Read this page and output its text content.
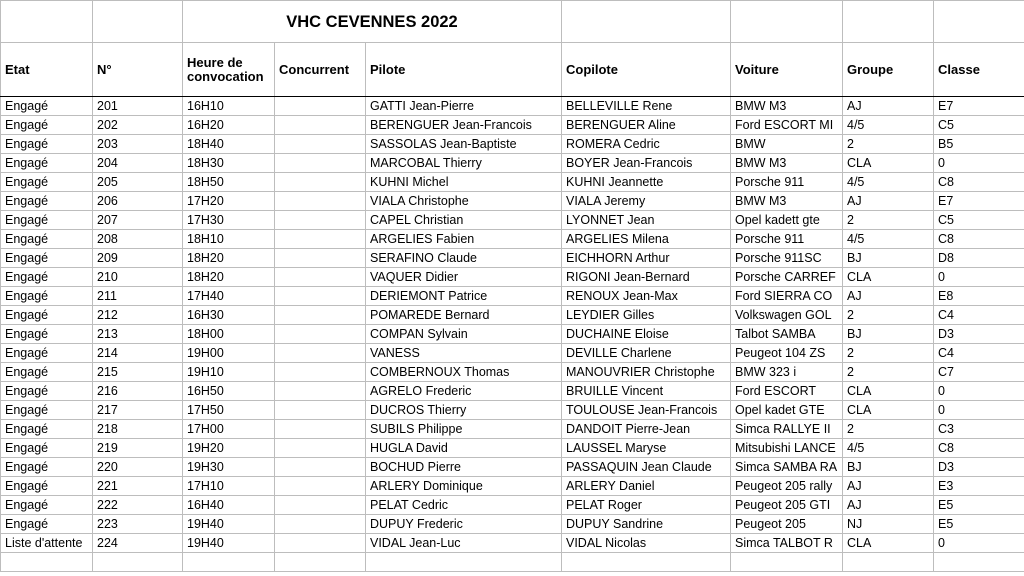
		VHC CEVENNES 2022						
Etat	N°	Heure de convocation	Concurrent	Pilote	Copilote	Voiture	Groupe	Classe
Engagé	201	16H10		GATTI Jean-Pierre	BELLEVILLE Rene	BMW M3	AJ	E7
Engagé	202	16H20		BERENGUER Jean-Francois	BERENGUER Aline	Ford ESCORT MI	4/5	C5
Engagé	203	18H40		SASSOLAS Jean-Baptiste	ROMERA Cedric	BMW	2	B5
Engagé	204	18H30		MARCOBAL Thierry	BOYER Jean-Francois	BMW M3	CLA	0
Engagé	205	18H50		KUHNI Michel	KUHNI Jeannette	Porsche 911	4/5	C8
Engagé	206	17H20		VIALA Christophe	VIALA Jeremy	BMW M3	AJ	E7
Engagé	207	17H30		CAPEL Christian	LYONNET Jean	Opel kadett gte	2	C5
Engagé	208	18H10		ARGELIES Fabien	ARGELIES Milena	Porsche 911	4/5	C8
Engagé	209	18H20		SERAFINO Claude	EICHHORN Arthur	Porsche 911SC	BJ	D8
Engagé	210	18H20		VAQUER Didier	RIGONI Jean-Bernard	Porsche CARREF	CLA	0
Engagé	211	17H40		DERIEMONT Patrice	RENOUX Jean-Max	Ford SIERRA CO	AJ	E8
Engagé	212	16H30		POMAREDE Bernard	LEYDIER Gilles	Volkswagen GOL	2	C4
Engagé	213	18H00		COMPAN Sylvain	DUCHAINE Eloise	Talbot SAMBA	BJ	D3
Engagé	214	19H00		VANESS	DEVILLE Charlene	Peugeot 104 ZS	2	C4
Engagé	215	19H10		COMBERNOUX Thomas	MANOUVRIER Christophe	BMW 323 i	2	C7
Engagé	216	16H50		AGRELO Frederic	BRUILLE Vincent	Ford ESCORT	CLA	0
Engagé	217	17H50		DUCROS Thierry	TOULOUSE Jean-Francois	Opel kadet GTE	CLA	0
Engagé	218	17H00		SUBILS Philippe	DANDOIT Pierre-Jean	Simca RALLYE II	2	C3
Engagé	219	19H20		HUGLA David	LAUSSEL Maryse	Mitsubishi LANCE	4/5	C8
Engagé	220	19H30		BOCHUD Pierre	PASSAQUIN Jean Claude	Simca SAMBA RA	BJ	D3
Engagé	221	17H10		ARLERY Dominique	ARLERY Daniel	Peugeot 205 rally	AJ	E3
Engagé	222	16H40		PELAT Cedric	PELAT Roger	Peugeot 205 GTI	AJ	E5
Engagé	223	19H40		DUPUY Frederic	DUPUY Sandrine	Peugeot 205	NJ	E5
Liste d'attente	224	19H40		VIDAL Jean-Luc	VIDAL Nicolas	Simca TALBOT R	CLA	0
